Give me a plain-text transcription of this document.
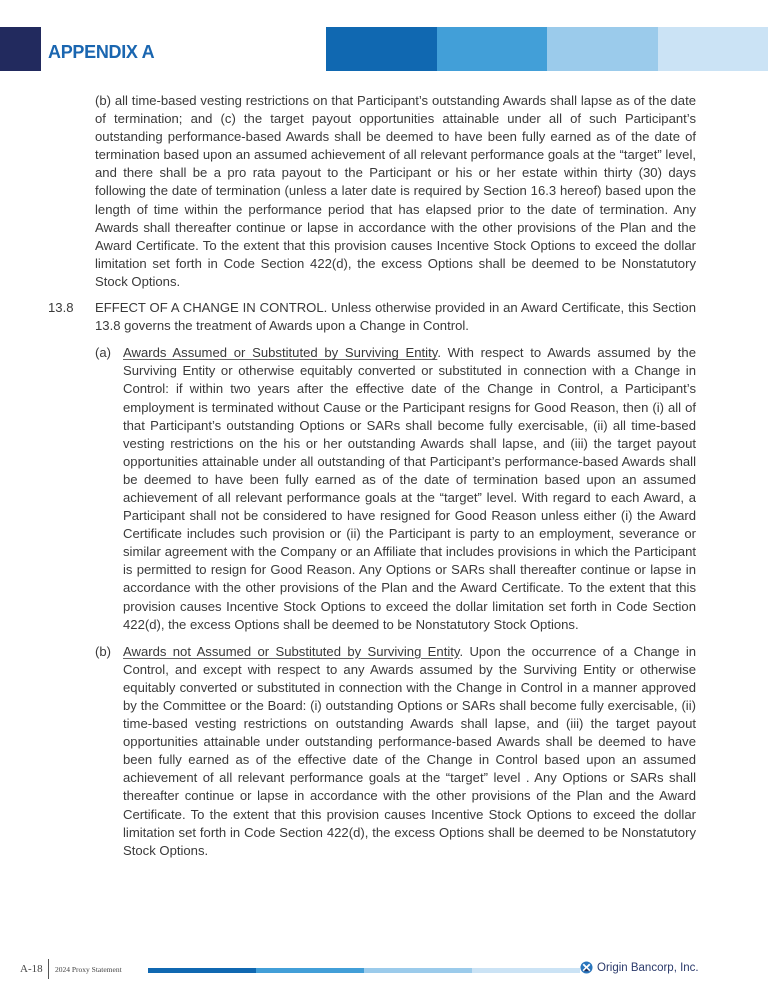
APPENDIX A

(b) all time-based vesting restrictions on that Participant’s outstanding Awards shall lapse as of the date of termination; and (c) the target payout opportunities attainable under all of such Participant’s outstanding performance-based Awards shall be deemed to have been fully earned as of the date of termination based upon an assumed achievement of all relevant performance goals at the “target” level, and there shall be a pro rata payout to the Participant or his or her estate within thirty (30) days following the date of termination (unless a later date is required by Section 16.3 hereof) based upon the length of time within the performance period that has elapsed prior to the date of termination. Any Awards shall thereafter continue or lapse in accordance with the other provisions of the Plan and the Award Certificate. To the extent that this provision causes Incentive Stock Options to exceed the dollar limitation set forth in Code Section 422(d), the excess Options shall be deemed to be Nonstatutory Stock Options.

13.8	EFFECT OF A CHANGE IN CONTROL. Unless otherwise provided in an Award Certificate, this Section 13.8 governs the treatment of Awards upon a Change in Control.

(a) Awards Assumed or Substituted by Surviving Entity. With respect to Awards assumed by the Surviving Entity or otherwise equitably converted or substituted in connection with a Change in Control: if within two years after the effective date of the Change in Control, a Participant’s employment is terminated without Cause or the Participant resigns for Good Reason, then (i) all of that Participant’s outstanding Options or SARs shall become fully exercisable, (ii) all time-based vesting restrictions on the his or her outstanding Awards shall lapse, and (iii) the target payout opportunities attainable under all outstanding of that Participant’s performance-based Awards shall be deemed to have been fully earned as of the date of termination based upon an assumed achievement of all relevant performance goals at the “target” level. With regard to each Award, a Participant shall not be considered to have resigned for Good Reason unless either (i) the Award Certificate includes such provision or (ii) the Participant is party to an employment, severance or similar agreement with the Company or an Affiliate that includes provisions in which the Participant is permitted to resign for Good Reason. Any Options or SARs shall thereafter continue or lapse in accordance with the other provisions of the Plan and the Award Certificate. To the extent that this provision causes Incentive Stock Options to exceed the dollar limitation set forth in Code Section 422(d), the excess Options shall be deemed to be Nonstatutory Stock Options.

(b) Awards not Assumed or Substituted by Surviving Entity. Upon the occurrence of a Change in Control, and except with respect to any Awards assumed by the Surviving Entity or otherwise equitably converted or substituted in connection with the Change in Control in a manner approved by the Committee or the Board: (i) outstanding Options or SARs shall become fully exercisable, (ii) time-based vesting restrictions on outstanding Awards shall lapse, and (iii) the target payout opportunities attainable under outstanding performance-based Awards shall be deemed to have been fully earned as of the effective date of the Change in Control based upon an assumed achievement of all relevant performance goals at the “target” level . Any Options or SARs shall thereafter continue or lapse in accordance with the other provisions of the Plan and the Award Certificate. To the extent that this provision causes Incentive Stock Options to exceed the dollar limitation set forth in Code Section 422(d), the excess Options shall be deemed to be Nonstatutory Stock Options.

A-18 2024 Proxy Statement	Origin Bancorp, Inc.
